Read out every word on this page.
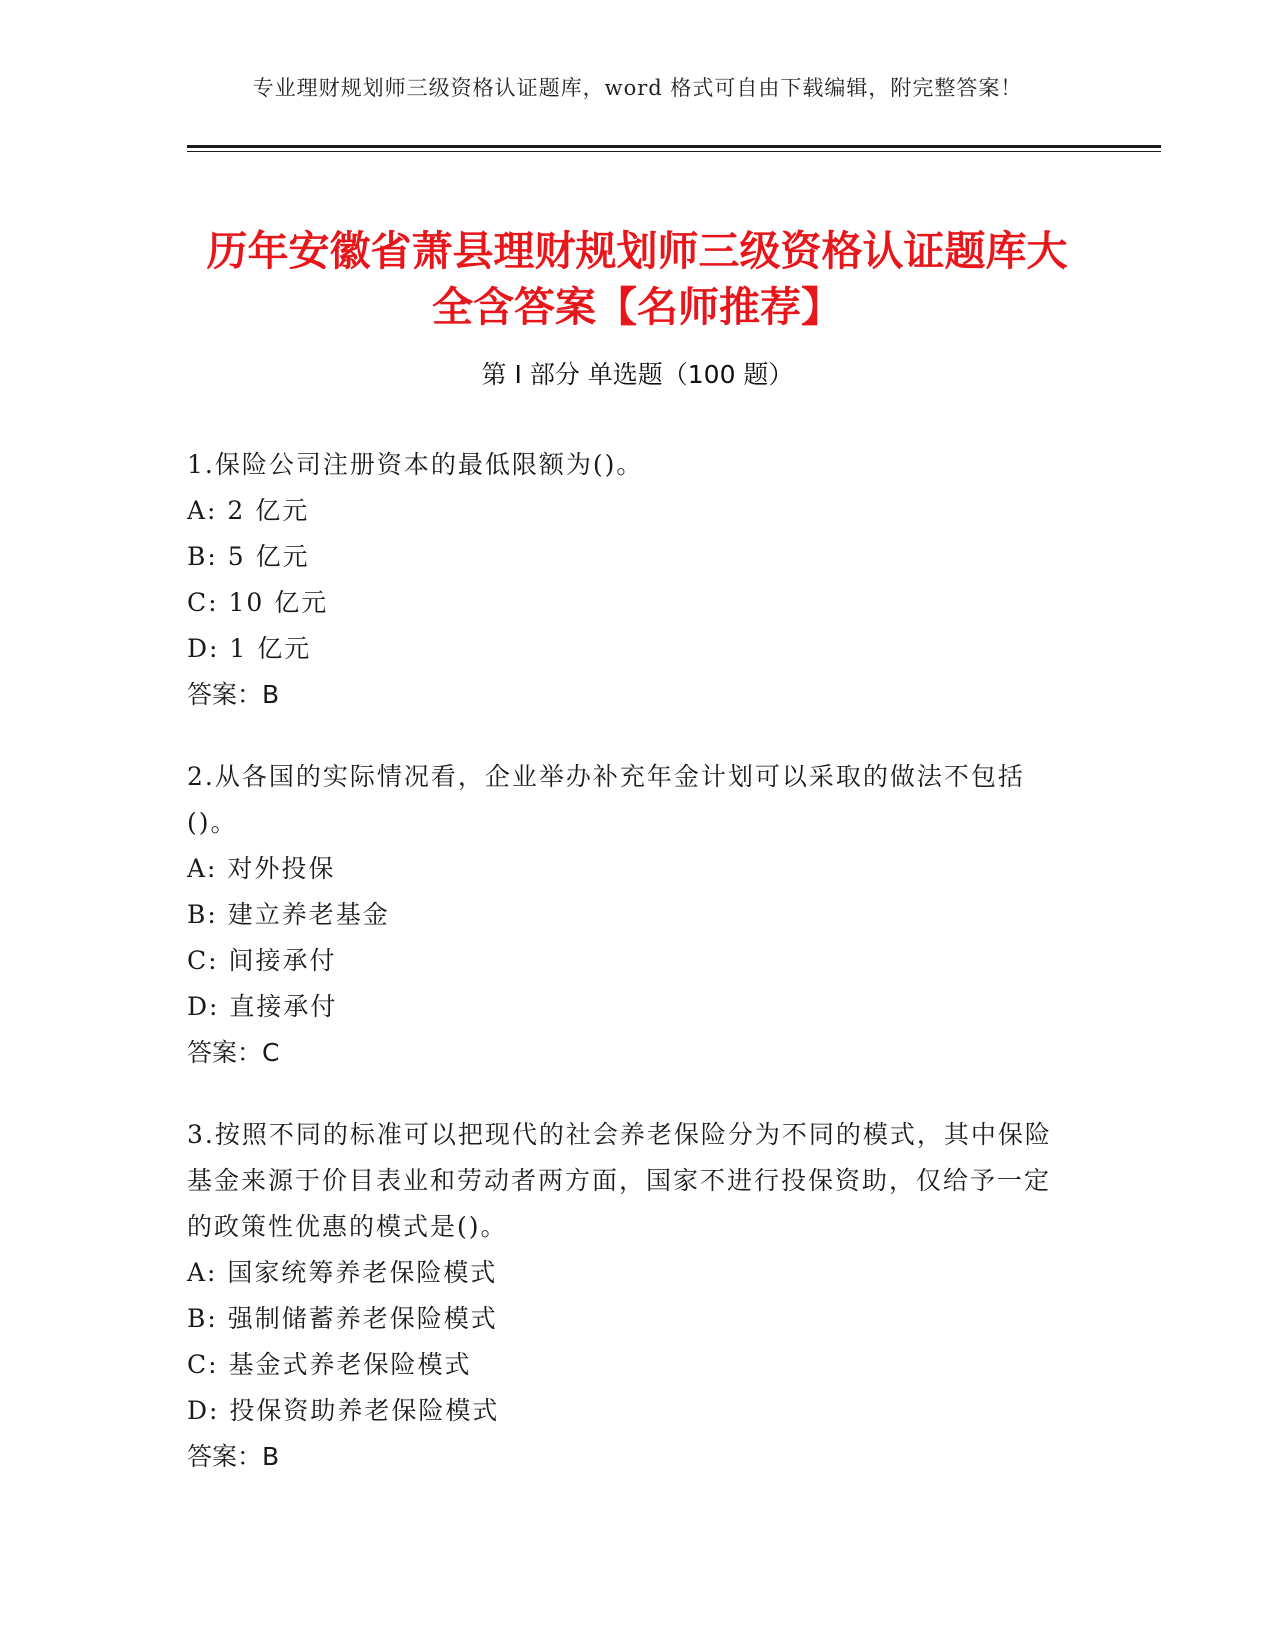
专业理财规划师三级资格认证题库，word 格式可自由下载编辑，附完整答案！
历年安徽省萧县理财规划师三级资格认证题库大全含答案【名师推荐】
第 I 部分 单选题（100 题）

1.保险公司注册资本的最低限额为()。

A: 2 亿元

B: 5 亿元

C: 10 亿元

D: 1 亿元

答案：B

2.从各国的实际情况看，企业举办补充年金计划可以采取的做法不包括()。

A: 对外投保

B: 建立养老基金

C: 间接承付

D: 直接承付

答案：C

3.按照不同的标准可以把现代的社会养老保险分为不同的模式，其中保险基金来源于价目表业和劳动者两方面，国家不进行投保资助，仅给予一定的政策性优惠的模式是()。

A: 国家统筹养老保险模式

B: 强制储蓄养老保险模式

C: 基金式养老保险模式

D: 投保资助养老保险模式

答案：B
